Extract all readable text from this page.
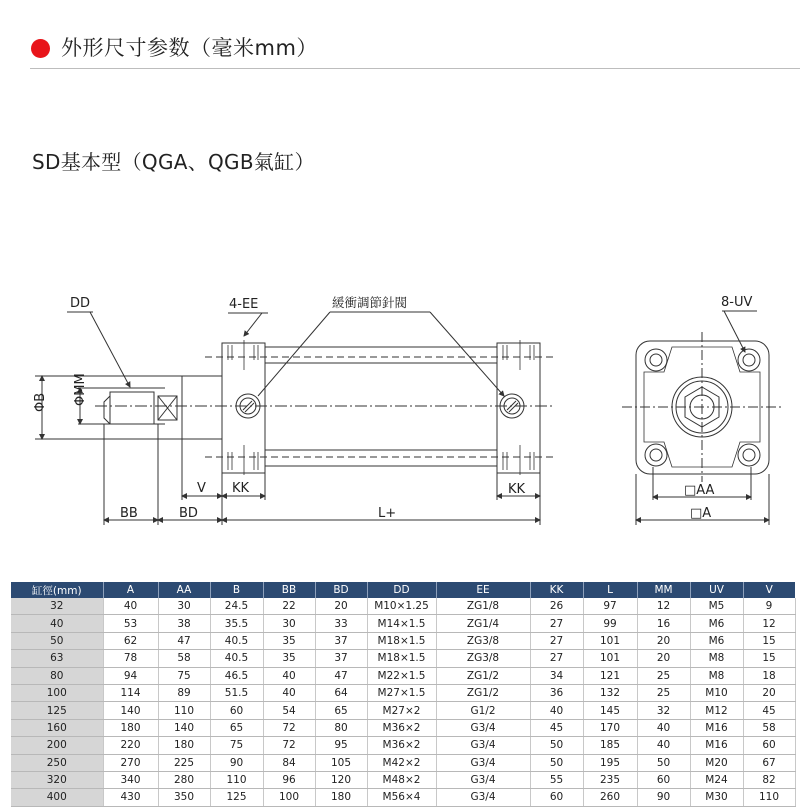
外形尺寸参数（毫米mm）
SD基本型（QGA、QGB氣缸）
DD	4-EE	緩衝調節針閥	8-UV
ΦB ΦMM
V KK	KK
BB	BD	L+
□AA
□A
缸徑(mm)	A	AA	B	BB	BD	DD	EE	KK	L	MM	UV	V
32	40	30	24.5	22	20	M10×1.25	ZG1/8	26	97	12	M5	9
40	53	38	35.5	30	33	M14×1.5	ZG1/4	27	99	16	M6	12
50	62	47	40.5	35	37	M18×1.5	ZG3/8	27	101	20	M6	15
63	78	58	40.5	35	37	M18×1.5	ZG3/8	27	101	20	M8	15
80	94	75	46.5	40	47	M22×1.5	ZG1/2	34	121	25	M8	18
100	114	89	51.5	40	64	M27×1.5	ZG1/2	36	132	25	M10	20
125	140	110	60	54	65	M27×2	G1/2	40	145	32	M12	45
160	180	140	65	72	80	M36×2	G3/4	45	170	40	M16	58
200	220	180	75	72	95	M36×2	G3/4	50	185	40	M16	60
250	270	225	90	84	105	M42×2	G3/4	50	195	50	M20	67
320	340	280	110	96	120	M48×2	G3/4	55	235	60	M24	82
400	430	350	125	100	180	M56×4	G3/4	60	260	90	M30	110
